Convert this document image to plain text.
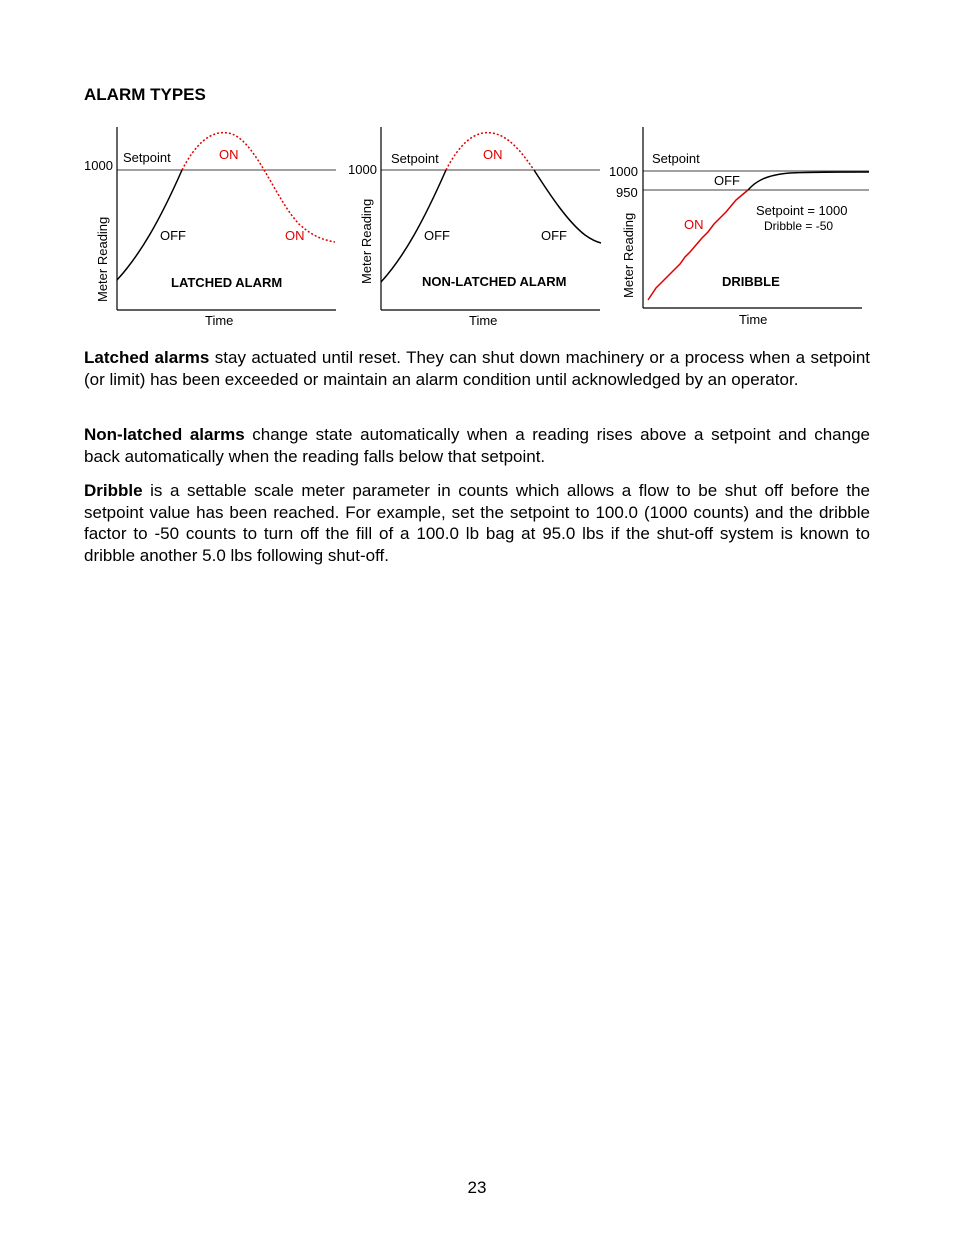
ALARM TYPES
1000
Setpoint	ON
OFF	ON
LATCHED ALARM
Time
Meter Reading
1000
Setpoint	ON
OFF	OFF
NON-LATCHED ALARM
Time
Meter Reading
1000
950
Setpoint
OFF
ON
Setpoint = 1000
Dribble = -50
DRIBBLE
Time
Meter Reading

Latched alarms stay actuated until reset. They can shut down machinery or a process when a setpoint (or limit) has been exceeded or maintain an alarm condition until acknowledged by an operator.

Non-latched alarms change state automatically when a reading rises above a setpoint and change back automatically when the reading falls below that setpoint.

Dribble is a settable scale meter parameter in counts which allows a flow to be shut off before the setpoint value has been reached. For example, set the setpoint to 100.0 (1000 counts) and the dribble factor to -50 counts to turn off the fill of a 100.0 lb bag at 95.0 lbs if the shut-off system is known to dribble another 5.0 lbs following shut-off.

23
